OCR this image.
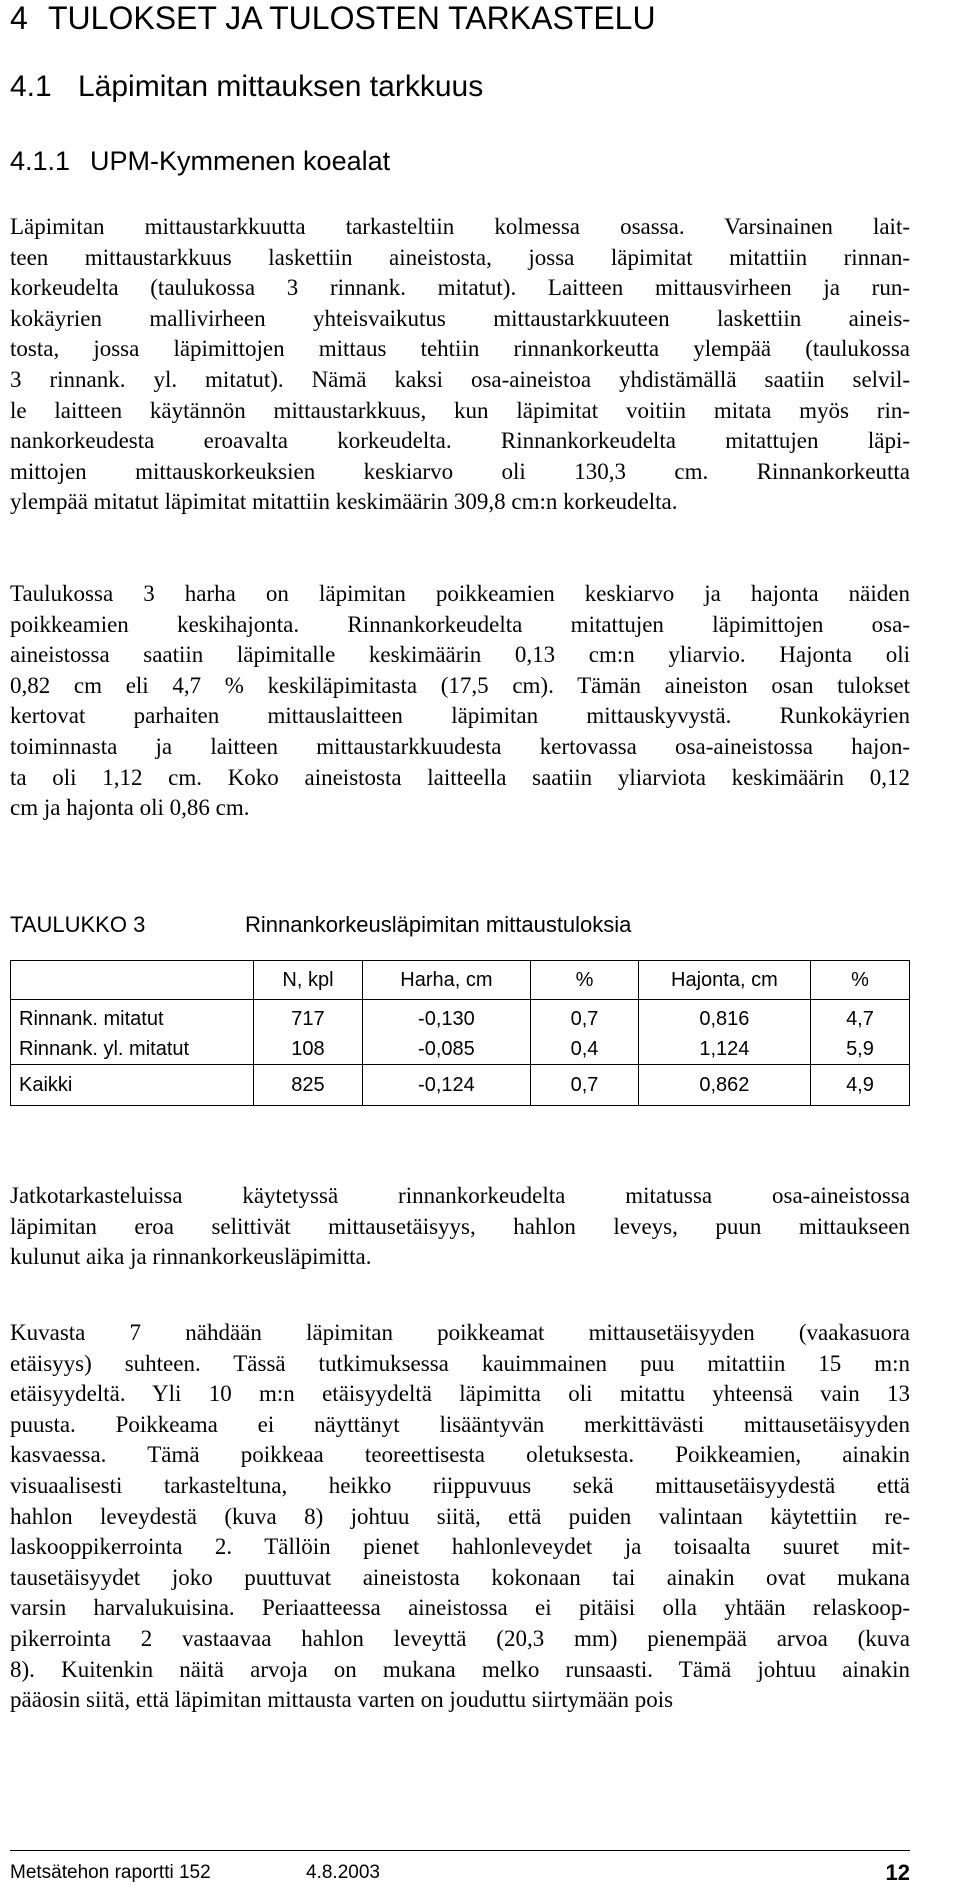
4 TULOKSET JA TULOSTEN TARKASTELU
4.1 Läpimitan mittauksen tarkkuus
4.1.1 UPM-Kymmenen koealat
Läpimitan mittaustarkkuutta tarkasteltiin kolmessa osassa. Varsinainen lait-
teen mittaustarkkuus laskettiin aineistosta, jossa läpimitat mitattiin rinnan-
korkeudelta (taulukossa 3 rinnank. mitatut). Laitteen mittausvirheen ja run-
kokäyrien mallivirheen yhteisvaikutus mittaustarkkuuteen laskettiin aineis-
tosta, jossa läpimittojen mittaus tehtiin rinnankorkeutta ylempää (taulukossa
3 rinnank. yl. mitatut). Nämä kaksi osa-aineistoa yhdistämällä saatiin selvil-
le laitteen käytännön mittaustarkkuus, kun läpimitat voitiin mitata myös rin-
nankorkeudesta eroavalta korkeudelta. Rinnankorkeudelta mitattujen läpi-
mittojen mittauskorkeuksien keskiarvo oli 130,3 cm. Rinnankorkeutta
ylempää mitatut läpimitat mitattiin keskimäärin 309,8 cm:n korkeudelta.
Taulukossa 3 harha on läpimitan poikkeamien keskiarvo ja hajonta näiden
poikkeamien keskihajonta. Rinnankorkeudelta mitattujen läpimittojen osa-
aineistossa saatiin läpimitalle keskimäärin 0,13 cm:n yliarvio. Hajonta oli
0,82 cm eli 4,7 % keskiläpimitasta (17,5 cm). Tämän aineiston osan tulokset
kertovat parhaiten mittauslaitteen läpimitan mittauskyvystä. Runkokäyrien
toiminnasta ja laitteen mittaustarkkuudesta kertovassa osa-aineistossa hajon-
ta oli 1,12 cm. Koko aineistosta laitteella saatiin yliarviota keskimäärin 0,12
cm ja hajonta oli 0,86 cm.
TAULUKKO 3	Rinnankorkeusläpimitan mittaustuloksia
	N, kpl	Harha, cm	%	Hajonta, cm	%
Rinnank. mitatut	717	-0,130	0,7	0,816	4,7
Rinnank. yl. mitatut	108	-0,085	0,4	1,124	5,9
Kaikki	825	-0,124	0,7	0,862	4,9
Jatkotarkasteluissa käytetyssä rinnankorkeudelta mitatussa osa-aineistossa
läpimitan eroa selittivät mittausetäisyys, hahlon leveys, puun mittaukseen
kulunut aika ja rinnankorkeusläpimitta.
Kuvasta 7 nähdään läpimitan poikkeamat mittausetäisyyden (vaakasuora
etäisyys) suhteen. Tässä tutkimuksessa kauimmainen puu mitattiin 15 m:n
etäisyydeltä. Yli 10 m:n etäisyydeltä läpimitta oli mitattu yhteensä vain 13
puusta. Poikkeama ei näyttänyt lisääntyvän merkittävästi mittausetäisyyden
kasvaessa. Tämä poikkeaa teoreettisesta oletuksesta. Poikkeamien, ainakin
visuaalisesti tarkasteltuna, heikko riippuvuus sekä mittausetäisyydestä että
hahlon leveydestä (kuva 8) johtuu siitä, että puiden valintaan käytettiin re-
laskooppikerrointa 2. Tällöin pienet hahlonleveydet ja toisaalta suuret mit-
tausetäisyydet joko puuttuvat aineistosta kokonaan tai ainakin ovat mukana
varsin harvalukuisina. Periaatteessa aineistossa ei pitäisi olla yhtään relaskoop-
pikerrointa 2 vastaavaa hahlon leveyttä (20,3 mm) pienempää arvoa (kuva
8). Kuitenkin näitä arvoja on mukana melko runsaasti. Tämä johtuu ainakin
pääosin siitä, että läpimitan mittausta varten on jouduttu siirtymään pois
Metsätehon raportti 152	4.8.2003	12
